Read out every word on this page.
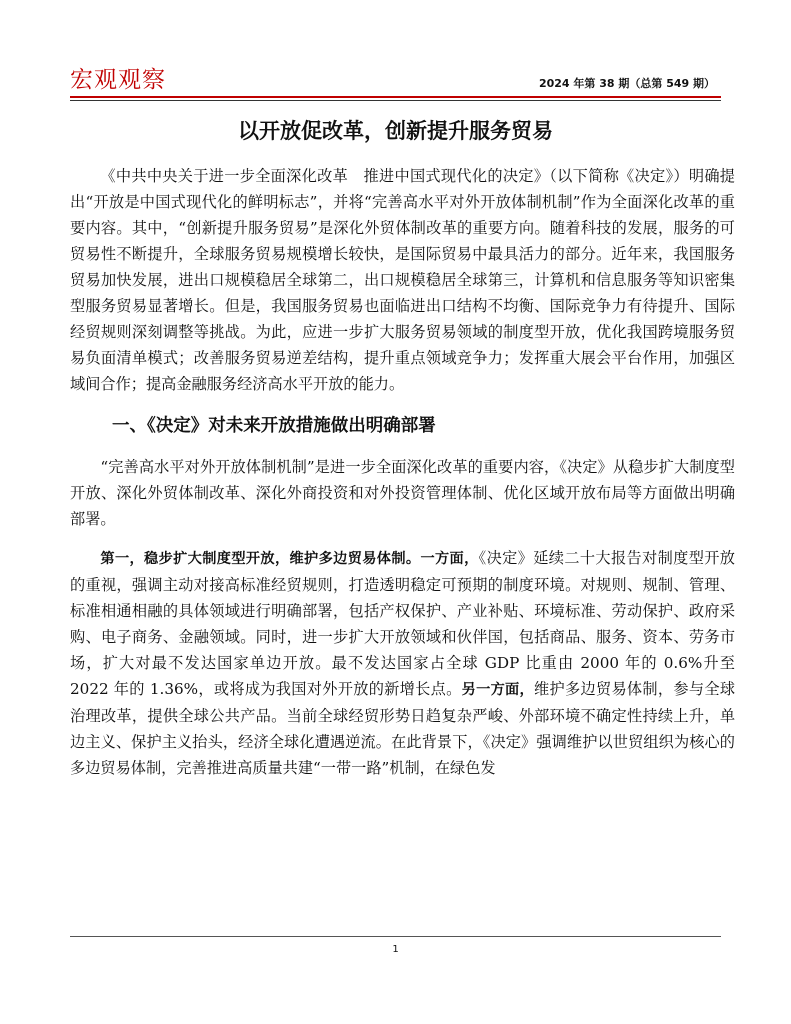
宏观观察	2024 年第 38 期（总第 549 期）
以开放促改革，创新提升服务贸易

《中共中央关于进一步全面深化改革　推进中国式现代化的决定》（以下简称《决定》）明确提出“开放是中国式现代化的鲜明标志”，并将“完善高水平对外开放体制机制”作为全面深化改革的重要内容。其中，“创新提升服务贸易”是深化外贸体制改革的重要方向。随着科技的发展，服务的可贸易性不断提升，全球服务贸易规模增长较快，是国际贸易中最具活力的部分。近年来，我国服务贸易加快发展，进出口规模稳居全球第二，出口规模稳居全球第三，计算机和信息服务等知识密集型服务贸易显著增长。但是，我国服务贸易也面临进出口结构不均衡、国际竞争力有待提升、国际经贸规则深刻调整等挑战。为此，应进一步扩大服务贸易领域的制度型开放，优化我国跨境服务贸易负面清单模式；改善服务贸易逆差结构，提升重点领域竞争力；发挥重大展会平台作用，加强区域间合作；提高金融服务经济高水平开放的能力。

一、《决定》对未来开放措施做出明确部署

“完善高水平对外开放体制机制”是进一步全面深化改革的重要内容，《决定》从稳步扩大制度型开放、深化外贸体制改革、深化外商投资和对外投资管理体制、优化区域开放布局等方面做出明确部署。

第一，稳步扩大制度型开放，维护多边贸易体制。一方面，《决定》延续二十大报告对制度型开放的重视，强调主动对接高标准经贸规则，打造透明稳定可预期的制度环境。对规则、规制、管理、标准相通相融的具体领域进行明确部署，包括产权保护、产业补贴、环境标准、劳动保护、政府采购、电子商务、金融领域。同时，进一步扩大开放领域和伙伴国，包括商品、服务、资本、劳务市场，扩大对最不发达国家单边开放。最不发达国家占全球 GDP 比重由 2000 年的 0.6%升至 2022 年的 1.36%，或将成为我国对外开放的新增长点。另一方面，维护多边贸易体制，参与全球治理改革，提供全球公共产品。当前全球经贸形势日趋复杂严峻、外部环境不确定性持续上升，单边主义、保护主义抬头，经济全球化遭遇逆流。在此背景下，《决定》强调维护以世贸组织为核心的多边贸易体制，完善推进高质量共建“一带一路”机制，在绿色发

1
